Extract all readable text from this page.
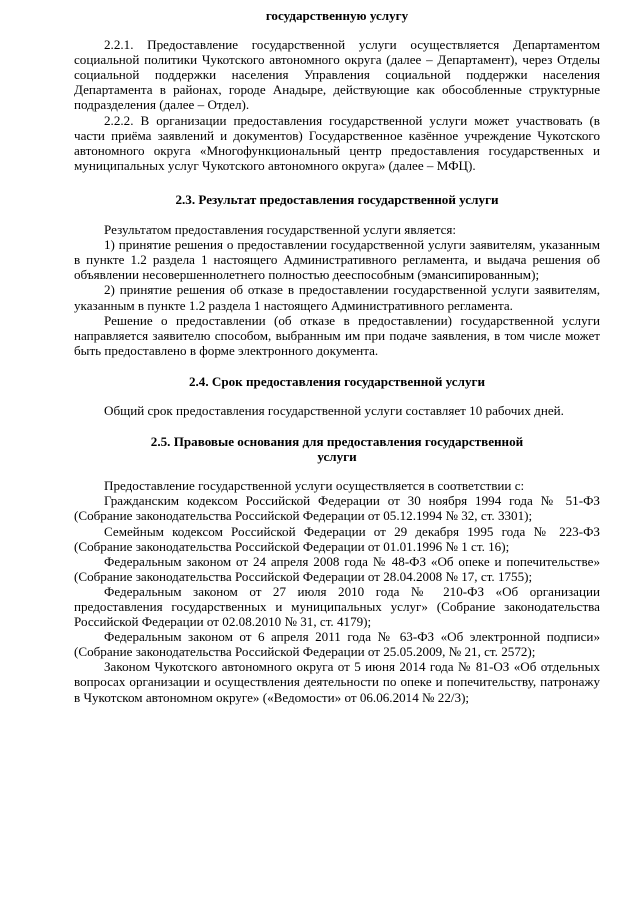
государственную услугу

2.2.1. Предоставление государственной услуги осуществляется Департаментом социальной политики Чукотского автономного округа (далее – Департамент), через Отделы социальной поддержки населения Управления социальной поддержки населения Департамента в районах, городе Анадыре, действующие как обособленные структурные подразделения (далее – Отдел).

2.2.2. В организации предоставления государственной услуги может участвовать (в части приёма заявлений и документов) Государственное казённое учреждение Чукотского автономного округа «Многофункциональный центр предоставления государственных и муниципальных услуг Чукотского автономного округа» (далее – МФЦ).

2.3. Результат предоставления государственной услуги

Результатом предоставления государственной услуги является:

1) принятие решения о предоставлении государственной услуги заявителям, указанным в пункте 1.2 раздела 1 настоящего Административного регламента, и выдача решения об объявлении несовершеннолетнего полностью дееспособным (эмансипированным);

2) принятие решения об отказе в предоставлении государственной услуги заявителям, указанным в пункте 1.2 раздела 1 настоящего Административного регламента.

Решение о предоставлении (об отказе в предоставлении) государственной услуги направляется заявителю способом, выбранным им при подаче заявления, в том числе может быть предоставлено в форме электронного документа.

2.4. Срок предоставления государственной услуги

Общий срок предоставления государственной услуги составляет 10 рабочих дней.

2.5. Правовые основания для предоставления государственной

услуги

Предоставление государственной услуги осуществляется в соответствии с:

Гражданским кодексом Российской Федерации от 30 ноября 1994 года № 51-ФЗ (Собрание законодательства Российской Федерации от 05.12.1994 № 32, ст. 3301);

Семейным кодексом Российской Федерации от 29 декабря 1995 года № 223-ФЗ (Собрание законодательства Российской Федерации от 01.01.1996 № 1 ст. 16);

Федеральным законом от 24 апреля 2008 года № 48-ФЗ «Об опеке и попечительстве» (Собрание законодательства Российской Федерации от 28.04.2008 № 17, ст. 1755);

Федеральным законом от 27 июля 2010 года № 210-ФЗ «Об организации предоставления государственных и муниципальных услуг» (Собрание законодательства Российской Федерации от 02.08.2010 № 31, ст. 4179);

Федеральным законом от 6 апреля 2011 года № 63-ФЗ «Об электронной подписи» (Собрание законодательства Российской Федерации от 25.05.2009, № 21, ст. 2572);

Законом Чукотского автономного округа от 5 июня 2014 года № 81-ОЗ «Об отдельных вопросах организации и осуществления деятельности по опеке и попечительству, патронажу в Чукотском автономном округе» («Ведомости» от 06.06.2014 № 22/3);
